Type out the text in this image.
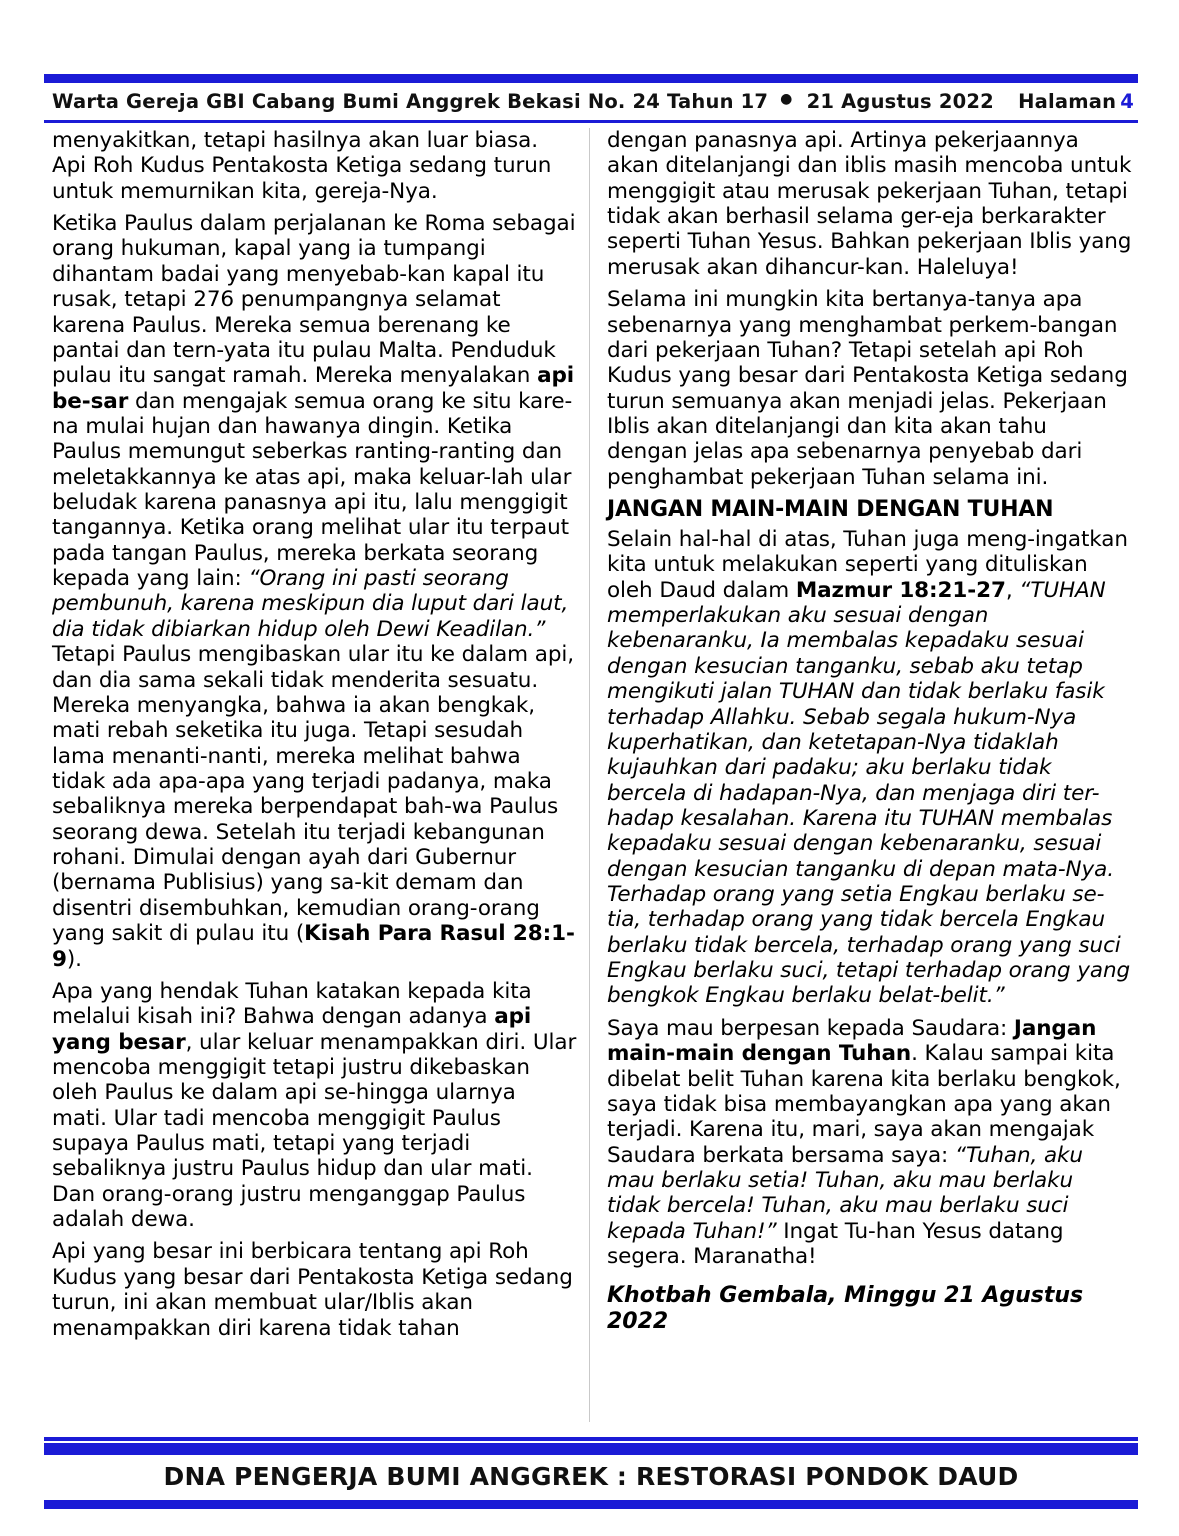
Warta Gereja GBI Cabang Bumi Anggrek Bekasi No. 24 Tahun 17 ● 21 Agustus 2022 Halaman 4

menyakitkan, tetapi hasilnya akan luar biasa. Api Roh Kudus Pentakosta Ketiga sedang turun untuk memurnikan kita, gereja-Nya.

Ketika Paulus dalam perjalanan ke Roma sebagai orang hukuman, kapal yang ia tumpangi dihantam badai yang menyebab-kan kapal itu rusak, tetapi 276 penumpangnya selamat karena Paulus. Mereka semua berenang ke pantai dan tern-yata itu pulau Malta. Penduduk pulau itu sangat ramah. Mereka menyalakan api be-sar dan mengajak semua orang ke situ kare-na mulai hujan dan hawanya dingin. Ketika Paulus memungut seberkas ranting-ranting dan meletakkannya ke atas api, maka keluar-lah ular beludak karena panasnya api itu, lalu menggigit tangannya. Ketika orang melihat ular itu terpaut pada tangan Paulus, mereka berkata seorang kepada yang lain: “Orang ini pasti seorang pembunuh, karena meskipun dia luput dari laut, dia tidak dibiarkan hidup oleh Dewi Keadilan.” Tetapi Paulus mengibaskan ular itu ke dalam api, dan dia sama sekali tidak menderita sesuatu. Mereka menyangka, bahwa ia akan bengkak, mati rebah seketika itu juga. Tetapi sesudah lama menanti-nanti, mereka melihat bahwa tidak ada apa-apa yang terjadi padanya, maka sebaliknya mereka berpendapat bah-wa Paulus seorang dewa. Setelah itu terjadi kebangunan rohani. Dimulai dengan ayah dari Gubernur (bernama Publisius) yang sa-kit demam dan disentri disembuhkan, kemudian orang-orang yang sakit di pulau itu (Kisah Para Rasul 28:1-9).

Apa yang hendak Tuhan katakan kepada kita melalui kisah ini? Bahwa dengan adanya api yang besar, ular keluar menampakkan diri. Ular mencoba menggigit tetapi justru dikebaskan oleh Paulus ke dalam api se-hingga ularnya mati. Ular tadi mencoba menggigit Paulus supaya Paulus mati, tetapi yang terjadi sebaliknya justru Paulus hidup dan ular mati. Dan orang-orang justru menganggap Paulus adalah dewa.

Api yang besar ini berbicara tentang api Roh Kudus yang besar dari Pentakosta Ketiga sedang turun, ini akan membuat ular/Iblis akan menampakkan diri karena tidak tahan

dengan panasnya api. Artinya pekerjaannya akan ditelanjangi dan iblis masih mencoba untuk menggigit atau merusak pekerjaan Tuhan, tetapi tidak akan berhasil selama ger-eja berkarakter seperti Tuhan Yesus. Bahkan pekerjaan Iblis yang merusak akan dihancur-kan. Haleluya!

Selama ini mungkin kita bertanya-tanya apa sebenarnya yang menghambat perkem-bangan dari pekerjaan Tuhan? Tetapi setelah api Roh Kudus yang besar dari Pentakosta Ketiga sedang turun semuanya akan menjadi jelas. Pekerjaan Iblis akan ditelanjangi dan kita akan tahu dengan jelas apa sebenarnya penyebab dari penghambat pekerjaan Tuhan selama ini.

JANGAN MAIN-MAIN DENGAN TUHAN

Selain hal-hal di atas, Tuhan juga meng-ingatkan kita untuk melakukan seperti yang dituliskan oleh Daud dalam Mazmur 18:21-27, “TUHAN memperlakukan aku sesuai dengan kebenaranku, Ia membalas kepadaku sesuai dengan kesucian tanganku, sebab aku tetap mengikuti jalan TUHAN dan tidak berlaku fasik terhadap Allahku. Sebab segala hukum-Nya kuperhatikan, dan ketetapan-Nya tidaklah kujauhkan dari padaku; aku berlaku tidak bercela di hadapan-Nya, dan menjaga diri ter-hadap kesalahan. Karena itu TUHAN membalas kepadaku sesuai dengan kebenaranku, sesuai dengan kesucian tanganku di depan mata-Nya. Terhadap orang yang setia Engkau berlaku se-tia, terhadap orang yang tidak bercela Engkau berlaku tidak bercela, terhadap orang yang suci Engkau berlaku suci, tetapi terhadap orang yang bengkok Engkau berlaku belat-belit.”

Saya mau berpesan kepada Saudara: Jangan main-main dengan Tuhan. Kalau sampai kita dibelat belit Tuhan karena kita berlaku bengkok, saya tidak bisa membayangkan apa yang akan terjadi. Karena itu, mari, saya akan mengajak Saudara berkata bersama saya: “Tuhan, aku mau berlaku setia! Tuhan, aku mau berlaku tidak bercela! Tuhan, aku mau berlaku suci kepada Tuhan!” Ingat Tu-han Yesus datang segera. Maranatha!

Khotbah Gembala, Minggu 21 Agustus 2022
DNA PENGERJA BUMI ANGGREK : RESTORASI PONDOK DAUD
